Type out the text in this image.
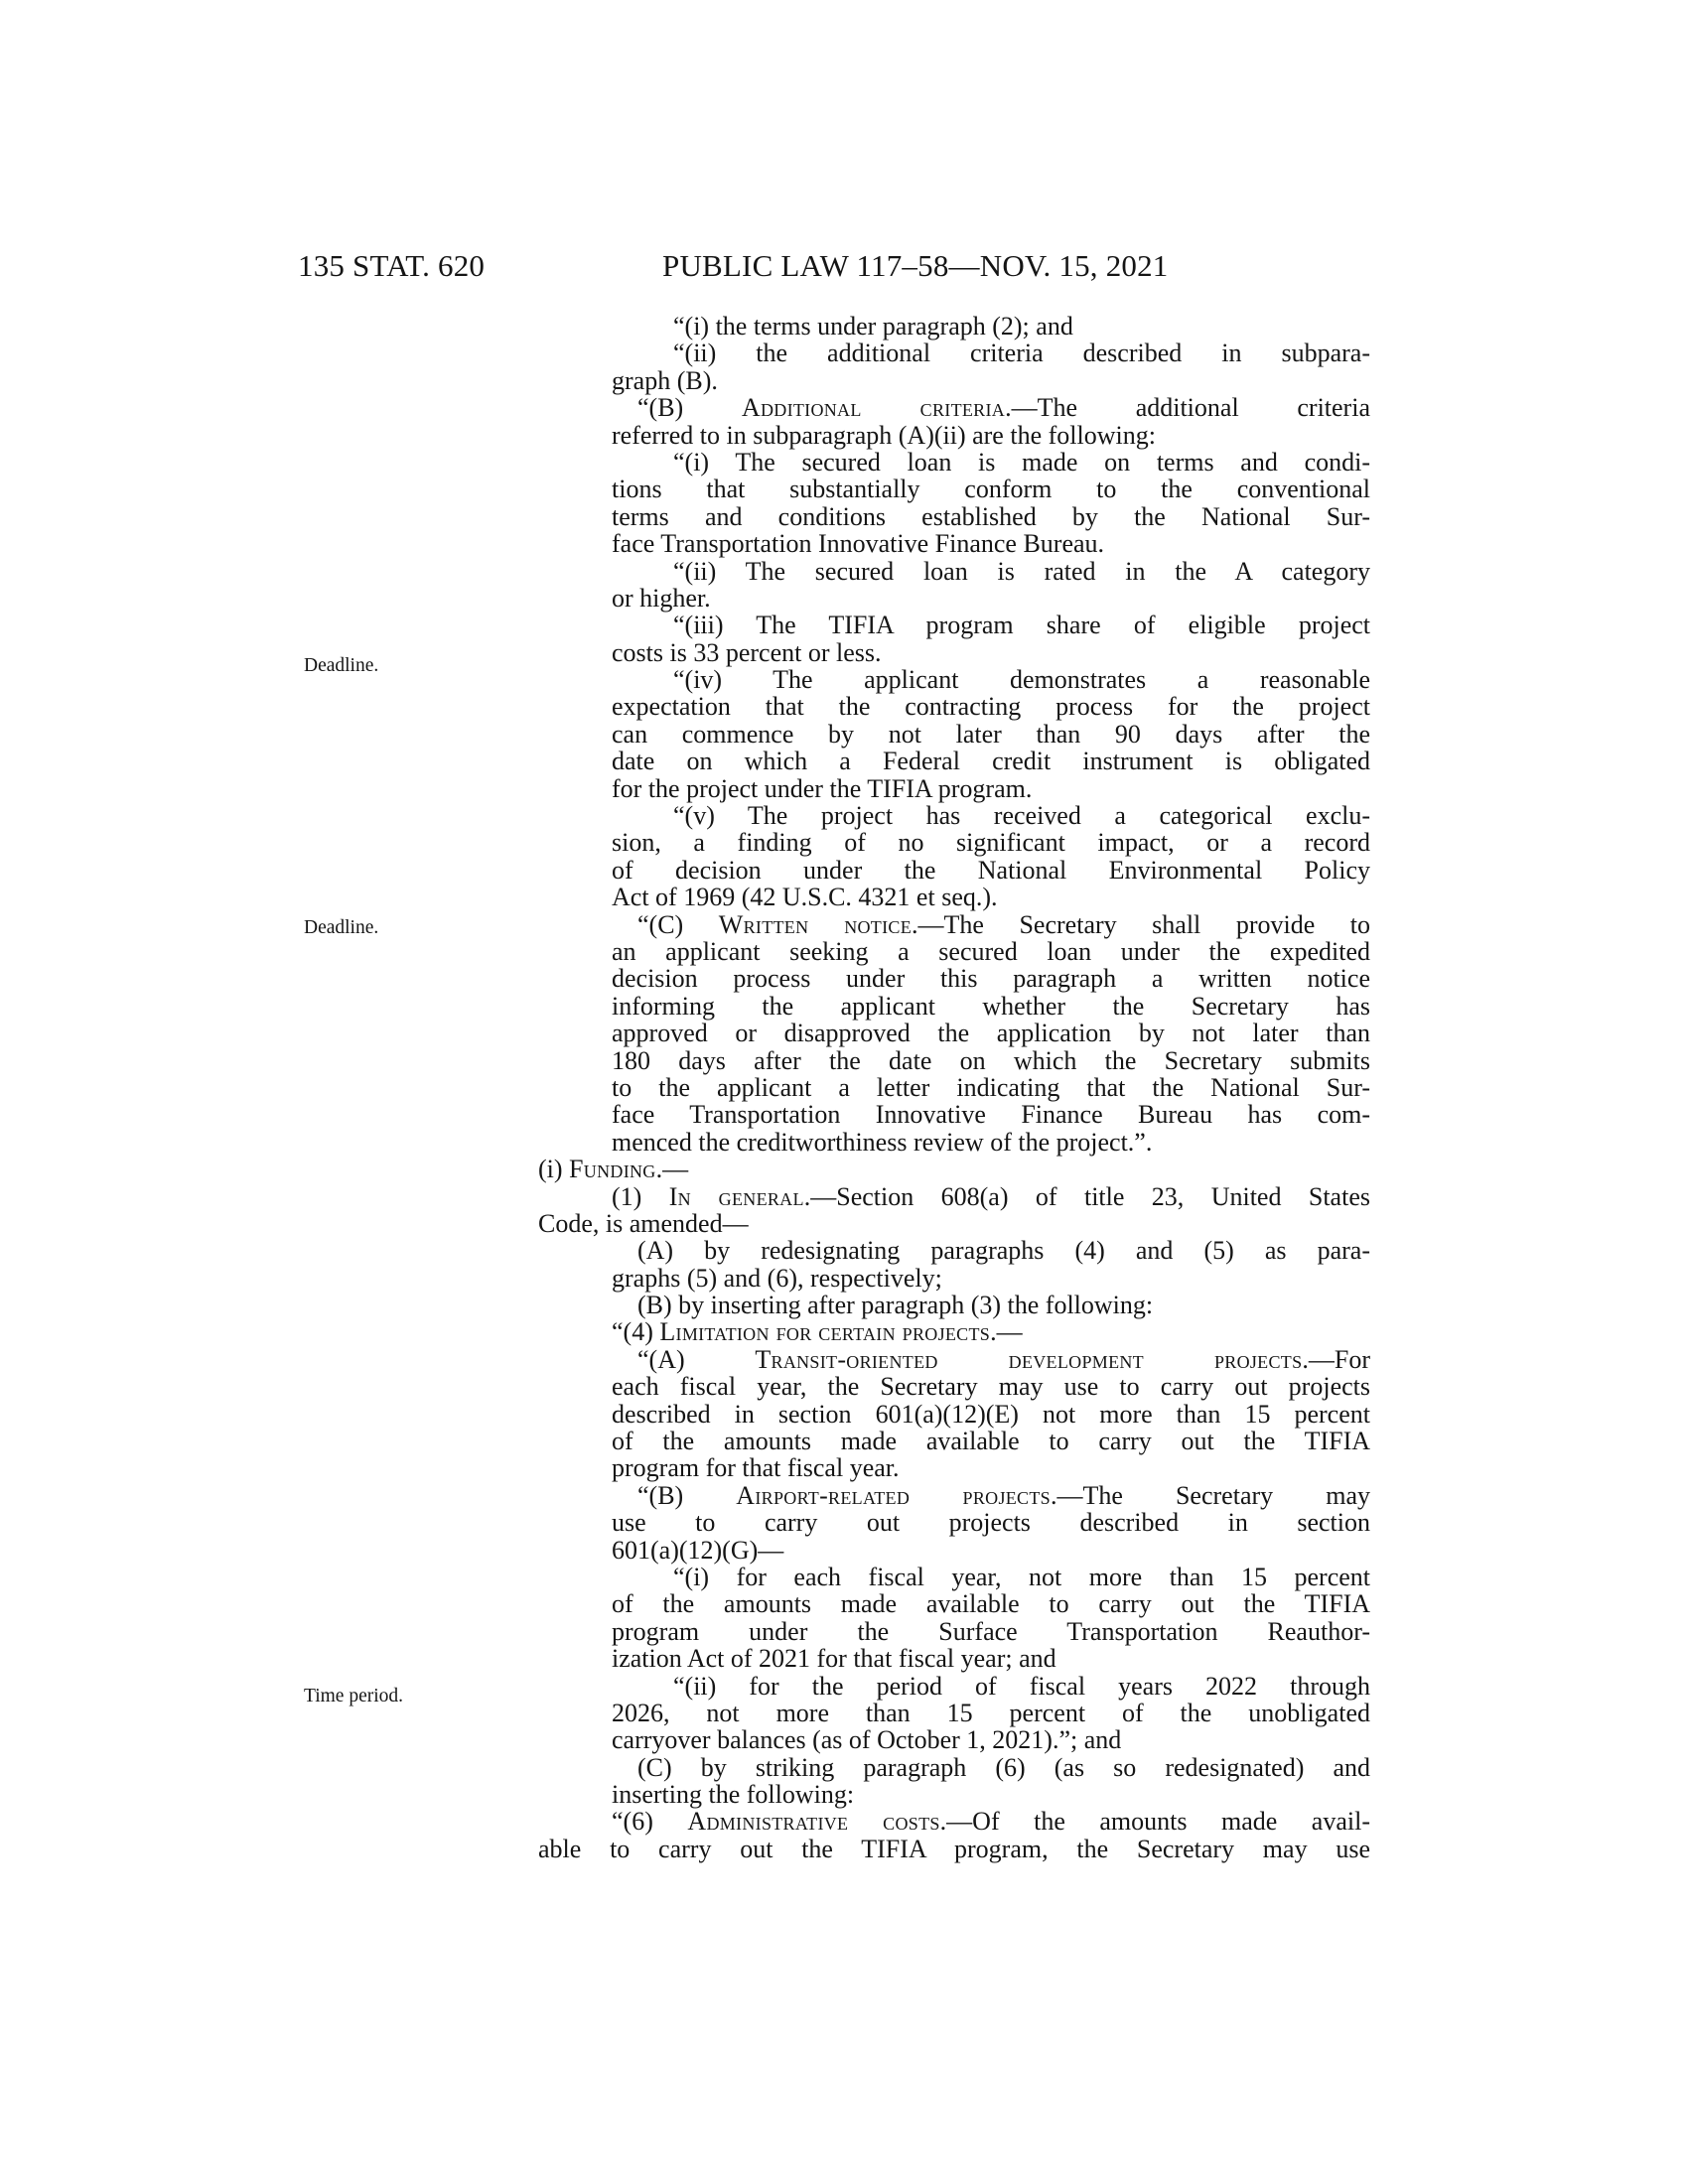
135 STAT. 620	PUBLIC LAW 117–58—NOV. 15, 2021
Deadline.
Deadline.
Time period.
“(i) the terms under paragraph (2); and
“(ii) the additional criteria described in subpara-
graph (B).
“(B) Additional criteria.—The additional criteria
referred to in subparagraph (A)(ii) are the following:
“(i) The secured loan is made on terms and condi-
tions that substantially conform to the conventional
terms and conditions established by the National Sur-
face Transportation Innovative Finance Bureau.
“(ii) The secured loan is rated in the A category
or higher.
“(iii) The TIFIA program share of eligible project
costs is 33 percent or less.
“(iv) The applicant demonstrates a reasonable
expectation that the contracting process for the project
can commence by not later than 90 days after the
date on which a Federal credit instrument is obligated
for the project under the TIFIA program.
“(v) The project has received a categorical exclu-
sion, a finding of no significant impact, or a record
of decision under the National Environmental Policy
Act of 1969 (42 U.S.C. 4321 et seq.).
“(C) Written notice.—The Secretary shall provide to
an applicant seeking a secured loan under the expedited
decision process under this paragraph a written notice
informing the applicant whether the Secretary has
approved or disapproved the application by not later than
180 days after the date on which the Secretary submits
to the applicant a letter indicating that the National Sur-
face Transportation Innovative Finance Bureau has com-
menced the creditworthiness review of the project.”.
(i) Funding.—
(1) In general.—Section 608(a) of title 23, United States
Code, is amended—
(A) by redesignating paragraphs (4) and (5) as para-
graphs (5) and (6), respectively;
(B) by inserting after paragraph (3) the following:
“(4) Limitation for certain projects.—
“(A) Transit-oriented development projects.—For
each fiscal year, the Secretary may use to carry out projects
described in section 601(a)(12)(E) not more than 15 percent
of the amounts made available to carry out the TIFIA
program for that fiscal year.
“(B) Airport-related projects.—The Secretary may
use to carry out projects described in section
601(a)(12)(G)—
“(i) for each fiscal year, not more than 15 percent
of the amounts made available to carry out the TIFIA
program under the Surface Transportation Reauthor-
ization Act of 2021 for that fiscal year; and
“(ii) for the period of fiscal years 2022 through
2026, not more than 15 percent of the unobligated
carryover balances (as of October 1, 2021).”; and
(C) by striking paragraph (6) (as so redesignated) and
inserting the following:
“(6) Administrative costs.—Of the amounts made avail-
able to carry out the TIFIA program, the Secretary may use
